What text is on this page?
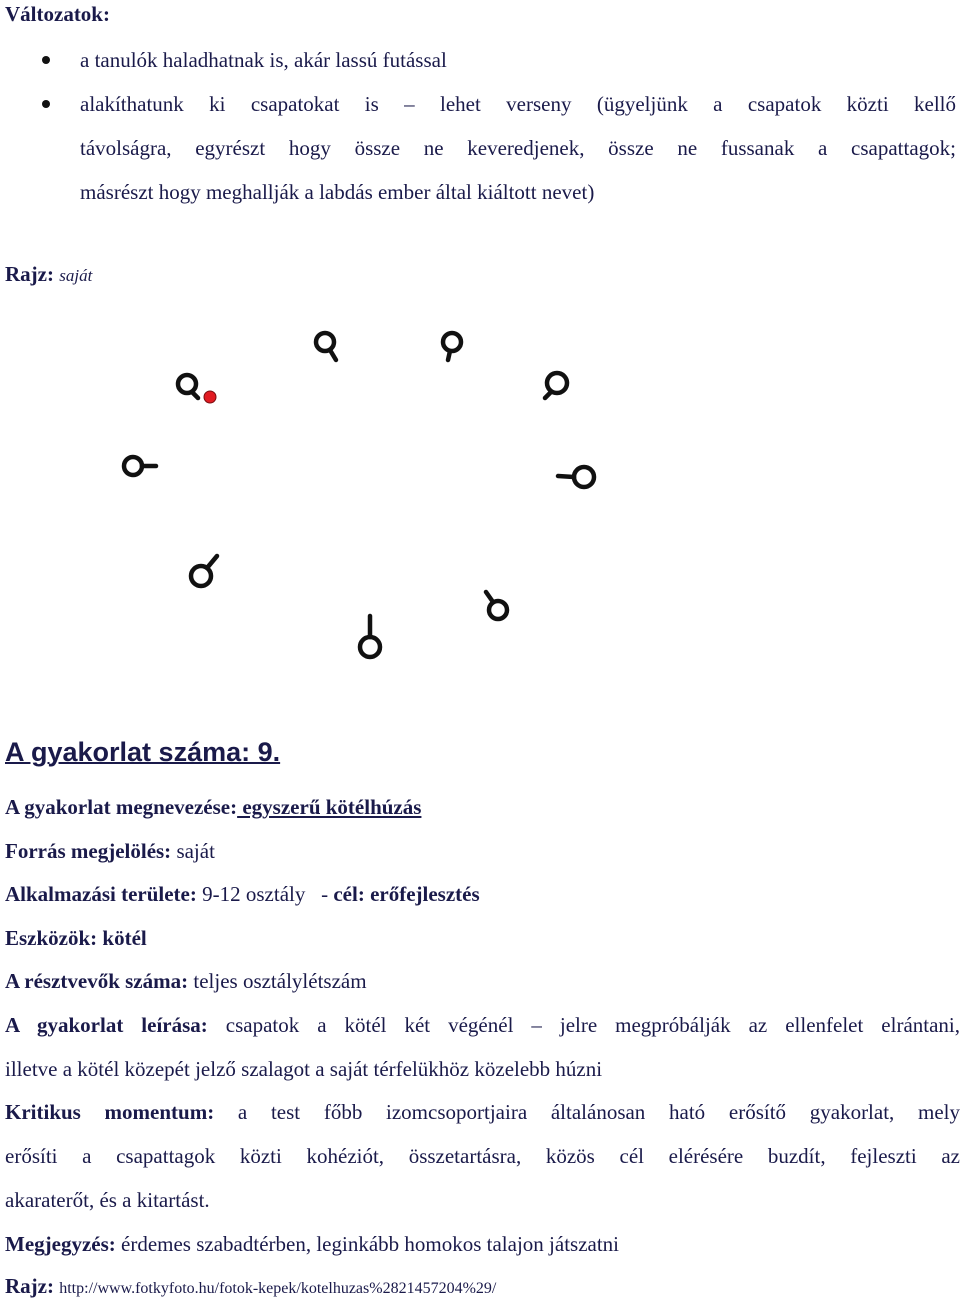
Változatok:
a tanulók haladhatnak is, akár lassú futással
alakíthatunk ki csapatokat is – lehet verseny (ügyeljünk a csapatok közti kellő
távolságra, egyrészt hogy össze ne keveredjenek, össze ne fussanak a csapattagok;
másrészt hogy meghallják a labdás ember által kiáltott nevet)
Rajz: saját
A gyakorlat száma: 9.
A gyakorlat megnevezése: egyszerű kötélhúzás
Forrás megjelölés: saját
Alkalmazási területe: 9-12 osztály   - cél: erőfejlesztés
Eszközök: kötél
A résztvevők száma: teljes osztálylétszám
A gyakorlat leírása: csapatok a kötél két végénél – jelre megpróbálják az ellenfelet elrántani,
illetve a kötél közepét jelző szalagot a saját térfelükhöz közelebb húzni
Kritikus momentum: a test főbb izomcsoportjaira általánosan ható erősítő gyakorlat, mely
erősíti a csapattagok közti kohéziót, összetartásra, közös cél elérésére buzdít, fejleszti az
akaraterőt, és a kitartást.
Megjegyzés: érdemes szabadtérben, leginkább homokos talajon játszatni
Rajz: http://www.fotkyfoto.hu/fotok-kepek/kotelhuzas%2821457204%29/
